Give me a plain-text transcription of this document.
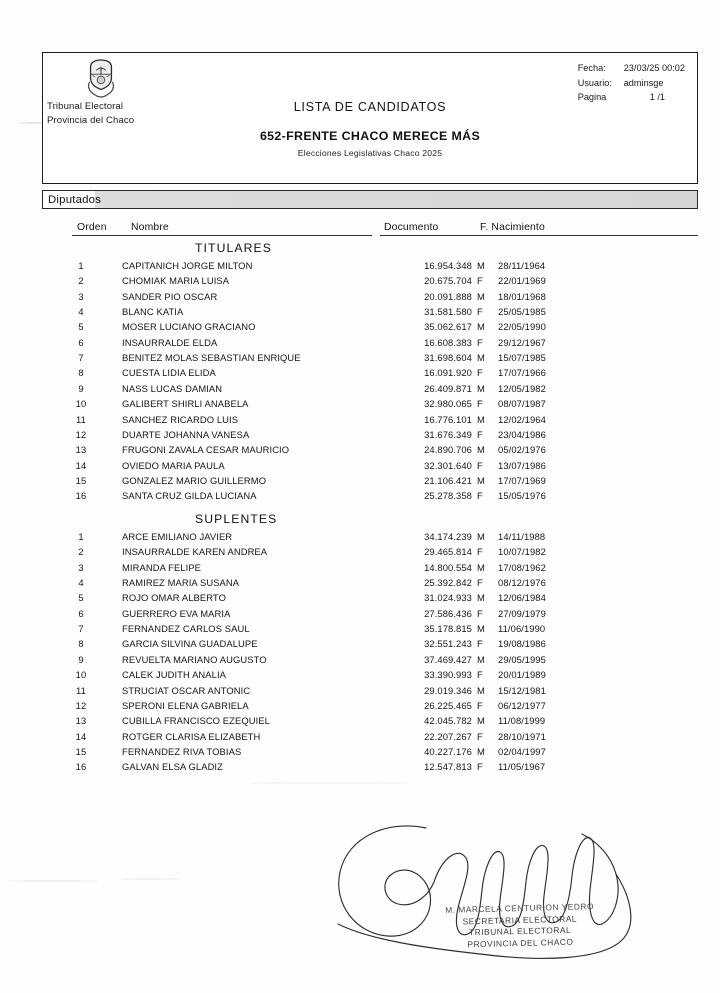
Tribunal Electoral
Provincia del Chaco
LISTA DE CANDIDATOS
652-FRENTE CHACO MERECE MÁS
Elecciones Legislativas Chaco 2025
Fecha:	23/03/25 00:02
Usuario:	adminsge
Pagina	1 /1
Diputados
Orden Nombre	Documento	F. Nacimiento
TITULARES
1	CAPITANICH JORGE MILTON	16.954.348 M 28/11/1964
2	CHOMIAK MARIA LUISA	20.675.704 F	22/01/1969
3	SANDER PIO OSCAR	20.091.888 M 18/01/1968
4	BLANC KATIA	31.581.580 F	25/05/1985
5	MOSER LUCIANO GRACIANO	35.062.617 M 22/05/1990
6	INSAURRALDE ELDA	16.608.383 F	29/12/1967
7	BENITEZ MOLAS SEBASTIAN ENRIQUE	31.698.604 M 15/07/1985
8	CUESTA LIDIA ELIDA	16.091.920 F	17/07/1966
9	NASS LUCAS DAMIAN	26.409.871 M 12/05/1982
10	GALIBERT SHIRLI ANABELA	32.980.065 F	08/07/1987
11	SANCHEZ RICARDO LUIS	16.776.101 M 12/02/1964
12	DUARTE JOHANNA VANESA	31.676.349 F	23/04/1986
13	FRUGONI ZAVALA CESAR MAURICIO	24.890.706 M 05/02/1976
14	OVIEDO MARIA PAULA	32.301.640 F	13/07/1986
15	GONZALEZ MARIO GUILLERMO	21.106.421 M 17/07/1969
16	SANTA CRUZ GILDA LUCIANA	25.278.358 F	15/05/1976
SUPLENTES
1	ARCE EMILIANO JAVIER	34.174.239 M 14/11/1988
2	INSAURRALDE KAREN ANDREA	29.465.814 F	10/07/1982
3	MIRANDA FELIPE	14.800.554 M 17/08/1962
4	RAMIREZ MARIA SUSANA	25.392.842 F	08/12/1976
5	ROJO OMAR ALBERTO	31.024.933 M 12/06/1984
6	GUERRERO EVA MARIA	27.586.436 F	27/09/1979
7	FERNANDEZ CARLOS SAUL	35.178.815 M 11/06/1990
8	GARCIA SILVINA GUADALUPE	32.551.243 F	19/08/1986
9	REVUELTA MARIANO AUGUSTO	37.469.427 M 29/05/1995
10	CALEK JUDITH ANALIA	33.390.993 F	20/01/1989
11	STRUCIAT OSCAR ANTONIC	29.019.346 M 15/12/1981
12	SPERONI ELENA GABRIELA	26.225.465 F	06/12/1977
13	CUBILLA FRANCISCO EZEQUIEL	42.045.782 M 11/08/1999
14	ROTGER CLARISA ELIZABETH	22.207.267 F	28/10/1971
15	FERNANDEZ RIVA TOBIAS	40.227.176 M 02/04/1997
16	GALVAN ELSA GLADIZ	12.547.813 F	11/05/1967
M. MARCELA CENTURION YEDRO
SECRETARIA ELECTORAL
TRIBUNAL ELECTORAL
PROVINCIA DEL CHACO
